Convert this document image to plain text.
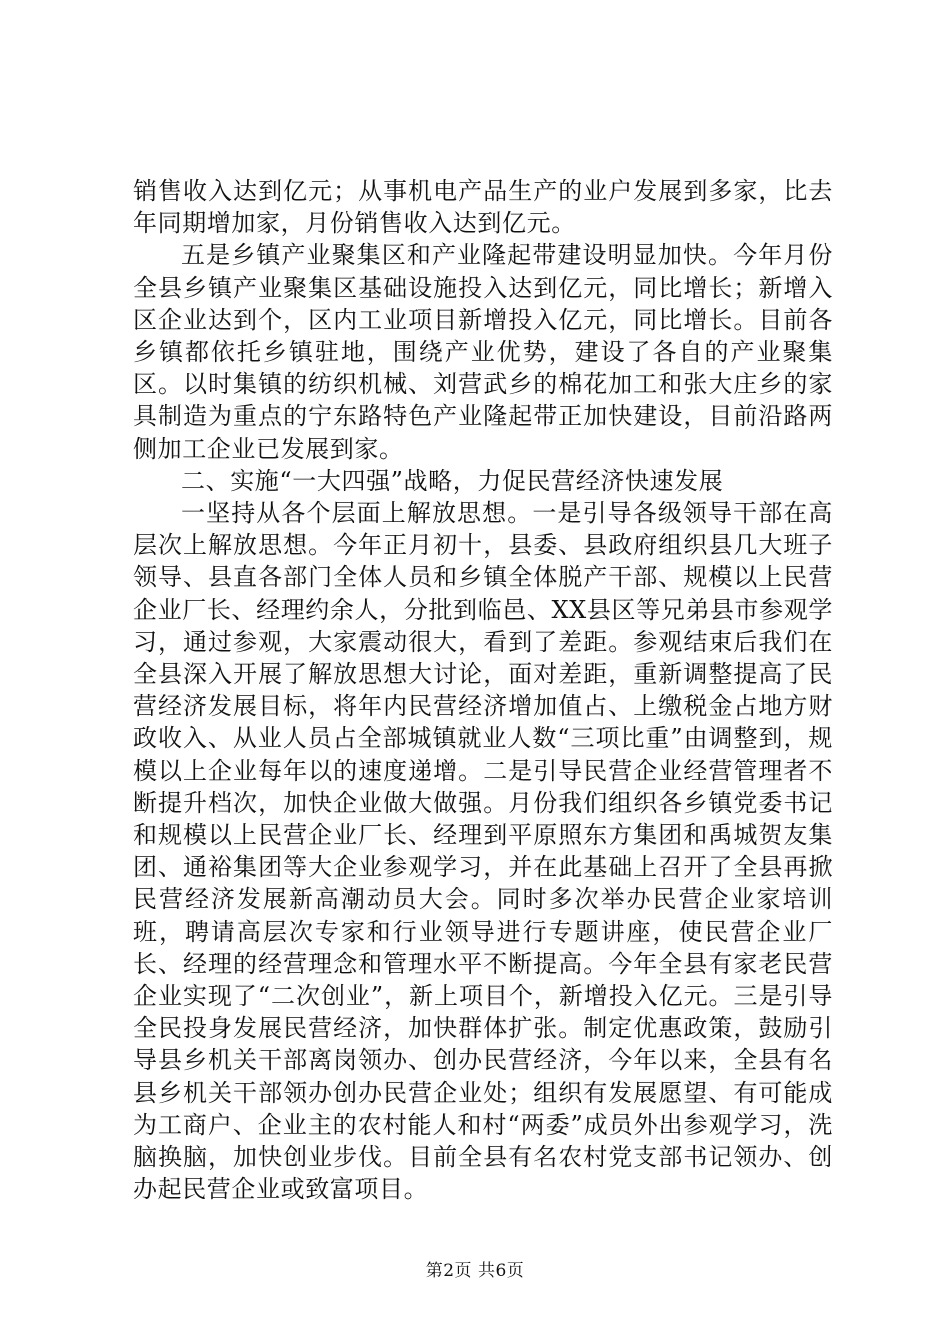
销售收入达到亿元；从事机电产品生产的业户发展到多家，比去年同期增加家，月份销售收入达到亿元。

五是乡镇产业聚集区和产业隆起带建设明显加快。今年月份全县乡镇产业聚集区基础设施投入达到亿元，同比增长；新增入区企业达到个，区内工业项目新增投入亿元，同比增长。目前各乡镇都依托乡镇驻地，围绕产业优势，建设了各自的产业聚集区。以时集镇的纺织机械、刘营武乡的棉花加工和张大庄乡的家具制造为重点的宁东路特色产业隆起带正加快建设，目前沿路两侧加工企业已发展到家。

二、实施“一大四强”战略，力促民营经济快速发展

一坚持从各个层面上解放思想。一是引导各级领导干部在高层次上解放思想。今年正月初十，县委、县政府组织县几大班子领导、县直各部门全体人员和乡镇全体脱产干部、规模以上民营企业厂长、经理约余人，分批到临邑、XX县区等兄弟县市参观学习，通过参观，大家震动很大，看到了差距。参观结束后我们在全县深入开展了解放思想大讨论，面对差距，重新调整提高了民营经济发展目标，将年内民营经济增加值占、上缴税金占地方财政收入、从业人员占全部城镇就业人数“三项比重”由调整到，规模以上企业每年以的速度递增。二是引导民营企业经营管理者不断提升档次，加快企业做大做强。月份我们组织各乡镇党委书记和规模以上民营企业厂长、经理到平原照东方集团和禹城贺友集团、通裕集团等大企业参观学习，并在此基础上召开了全县再掀民营经济发展新高潮动员大会。同时多次举办民营企业家培训班，聘请高层次专家和行业领导进行专题讲座，使民营企业厂长、经理的经营理念和管理水平不断提高。今年全县有家老民营企业实现了“二次创业”，新上项目个，新增投入亿元。三是引导全民投身发展民营经济，加快群体扩张。制定优惠政策，鼓励引导县乡机关干部离岗领办、创办民营经济，今年以来，全县有名县乡机关干部领办创办民营企业处；组织有发展愿望、有可能成为工商户、企业主的农村能人和村“两委”成员外出参观学习，洗脑换脑，加快创业步伐。目前全县有名农村党支部书记领办、创办起民营企业或致富项目。

第2页 共6页
